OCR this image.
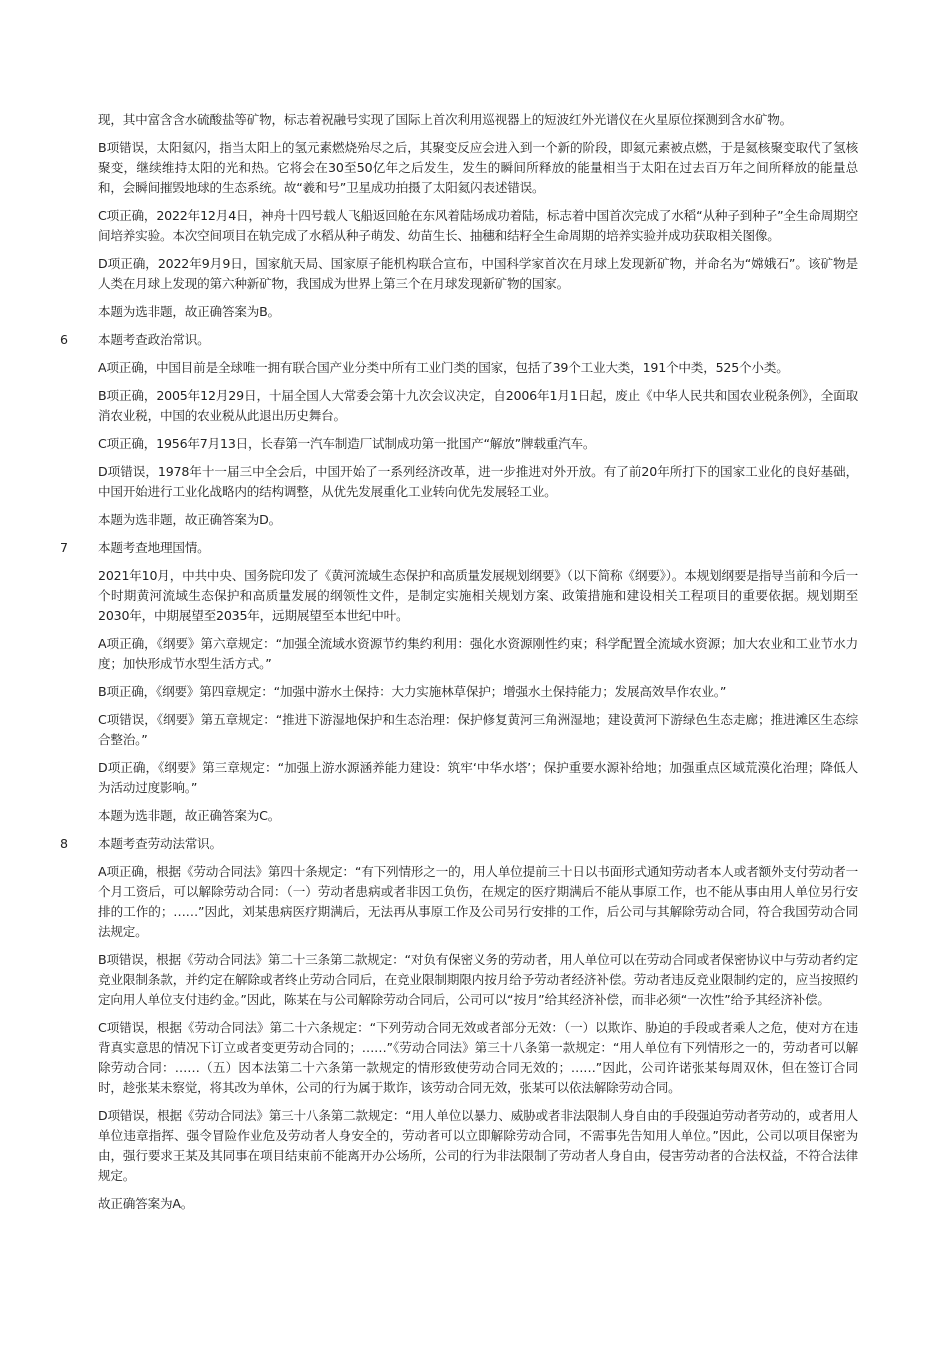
现，其中富含含水硫酸盐等矿物，标志着祝融号实现了国际上首次利用巡视器上的短波红外光谱仪在火星原位探测到含水矿物。

B项错误，太阳氦闪，指当太阳上的氢元素燃烧殆尽之后，其聚变反应会进入到一个新的阶段，即氦元素被点燃，于是氦核聚变取代了氢核聚变，继续维持太阳的光和热。它将会在30至50亿年之后发生，发生的瞬间所释放的能量相当于太阳在过去百万年之间所释放的能量总和，会瞬间摧毁地球的生态系统。故“羲和号”卫星成功拍摄了太阳氦闪表述错误。

C项正确，2022年12月4日，神舟十四号载人飞船返回舱在东风着陆场成功着陆，标志着中国首次完成了水稻“从种子到种子”全生命周期空间培养实验。本次空间项目在轨完成了水稻从种子萌发、幼苗生长、抽穗和结籽全生命周期的培养实验并成功获取相关图像。

D项正确，2022年9月9日，国家航天局、国家原子能机构联合宣布，中国科学家首次在月球上发现新矿物，并命名为“嫦娥石”。该矿物是人类在月球上发现的第六种新矿物，我国成为世界上第三个在月球发现新矿物的国家。

本题为选非题，故正确答案为B。

6	本题考查政治常识。

A项正确，中国目前是全球唯一拥有联合国产业分类中所有工业门类的国家，包括了39个工业大类，191个中类，525个小类。

B项正确，2005年12月29日，十届全国人大常委会第十九次会议决定，自2006年1月1日起，废止《中华人民共和国农业税条例》，全面取消农业税，中国的农业税从此退出历史舞台。

C项正确，1956年7月13日，长春第一汽车制造厂试制成功第一批国产“解放”牌载重汽车。

D项错误，1978年十一届三中全会后，中国开始了一系列经济改革，进一步推进对外开放。有了前20年所打下的国家工业化的良好基础，中国开始进行工业化战略内的结构调整，从优先发展重化工业转向优先发展轻工业。

本题为选非题，故正确答案为D。

7	本题考查地理国情。

2021年10月，中共中央、国务院印发了《黄河流域生态保护和高质量发展规划纲要》（以下简称《纲要》）。本规划纲要是指导当前和今后一个时期黄河流域生态保护和高质量发展的纲领性文件，是制定实施相关规划方案、政策措施和建设相关工程项目的重要依据。规划期至2030年，中期展望至2035年，远期展望至本世纪中叶。

A项正确，《纲要》第六章规定：“加强全流域水资源节约集约利用：强化水资源刚性约束；科学配置全流域水资源；加大农业和工业节水力度；加快形成节水型生活方式。”

B项正确，《纲要》第四章规定：“加强中游水土保持：大力实施林草保护；增强水土保持能力；发展高效旱作农业。”

C项错误，《纲要》第五章规定：“推进下游湿地保护和生态治理：保护修复黄河三角洲湿地；建设黄河下游绿色生态走廊；推进滩区生态综合整治。”

D项正确，《纲要》第三章规定：“加强上游水源涵养能力建设：筑牢‘中华水塔’；保护重要水源补给地；加强重点区域荒漠化治理；降低人为活动过度影响。”

本题为选非题，故正确答案为C。

8	本题考查劳动法常识。

A项正确，根据《劳动合同法》第四十条规定：“有下列情形之一的，用人单位提前三十日以书面形式通知劳动者本人或者额外支付劳动者一个月工资后，可以解除劳动合同：（一）劳动者患病或者非因工负伤，在规定的医疗期满后不能从事原工作，也不能从事由用人单位另行安排的工作的；……”因此，刘某患病医疗期满后，无法再从事原工作及公司另行安排的工作，后公司与其解除劳动合同，符合我国劳动合同法规定。

B项错误，根据《劳动合同法》第二十三条第二款规定：“对负有保密义务的劳动者，用人单位可以在劳动合同或者保密协议中与劳动者约定竞业限制条款，并约定在解除或者终止劳动合同后，在竞业限制期限内按月给予劳动者经济补偿。劳动者违反竞业限制约定的，应当按照约定向用人单位支付违约金。”因此，陈某在与公司解除劳动合同后，公司可以“按月”给其经济补偿，而非必须“一次性”给予其经济补偿。

C项错误，根据《劳动合同法》第二十六条规定：“下列劳动合同无效或者部分无效：（一）以欺诈、胁迫的手段或者乘人之危，使对方在违背真实意思的情况下订立或者变更劳动合同的；……”《劳动合同法》第三十八条第一款规定：“用人单位有下列情形之一的，劳动者可以解除劳动合同：……（五）因本法第二十六条第一款规定的情形致使劳动合同无效的；……”因此，公司许诺张某每周双休，但在签订合同时，趁张某未察觉，将其改为单休，公司的行为属于欺诈，该劳动合同无效，张某可以依法解除劳动合同。

D项错误，根据《劳动合同法》第三十八条第二款规定：“用人单位以暴力、威胁或者非法限制人身自由的手段强迫劳动者劳动的，或者用人单位违章指挥、强令冒险作业危及劳动者人身安全的，劳动者可以立即解除劳动合同，不需事先告知用人单位。”因此，公司以项目保密为由，强行要求王某及其同事在项目结束前不能离开办公场所，公司的行为非法限制了劳动者人身自由，侵害劳动者的合法权益，不符合法律规定。

故正确答案为A。
